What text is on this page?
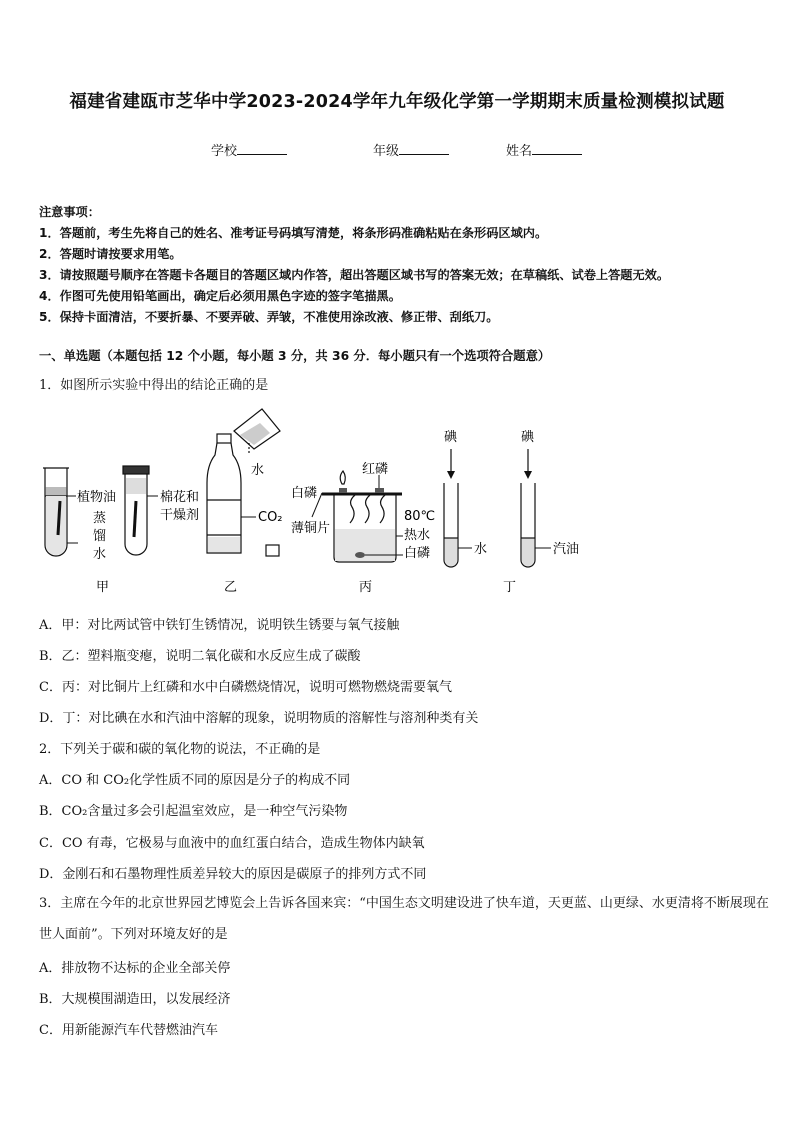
福建省建瓯市芝华中学2023-2024学年九年级化学第一学期期末质量检测模拟试题
学校	年级	姓名
注意事项：
1．答题前，考生先将自己的姓名、准考证号码填写清楚，将条形码准确粘贴在条形码区域内。
2．答题时请按要求用笔。
3．请按照题号顺序在答题卡各题目的答题区域内作答，超出答题区域书写的答案无效；在草稿纸、试卷上答题无效。
4．作图可先使用铅笔画出，确定后必须用黑色字迹的签字笔描黑。
5．保持卡面清洁，不要折暴、不要弄破、弄皱，不准使用涂改液、修正带、刮纸刀。
一、单选题（本题包括 12 个小题，每小题 3 分，共 36 分．每小题只有一个选项符合题意）
1．如图所示实验中得出的结论正确的是
植物油
蒸
馏
水
棉花和
干燥剂
甲
水
CO₂
乙
红磷
白磷
薄铜片
80℃
热水
白磷
丙
碘
水
碘
汽油
丁
A．甲：对比两试管中铁钉生锈情况，说明铁生锈要与氧气接触
B．乙：塑料瓶变瘪，说明二氧化碳和水反应生成了碳酸
C．丙：对比铜片上红磷和水中白磷燃烧情况，说明可燃物燃烧需要氧气
D．丁：对比碘在水和汽油中溶解的现象，说明物质的溶解性与溶剂种类有关
2．下列关于碳和碳的氧化物的说法，不正确的是
A．CO 和 CO₂化学性质不同的原因是分子的构成不同
B．CO₂含量过多会引起温室效应，是一种空气污染物
C．CO 有毒，它极易与血液中的血红蛋白结合，造成生物体内缺氧
D．金刚石和石墨物理性质差异较大的原因是碳原子的排列方式不同
3．主席在今年的北京世界园艺博览会上告诉各国来宾：“中国生态文明建设进了快车道，天更蓝、山更绿、水更清将不断展现在世人面前”。下列对环境友好的是
A．排放物不达标的企业全部关停
B．大规模围湖造田，以发展经济
C．用新能源汽车代替燃油汽车
